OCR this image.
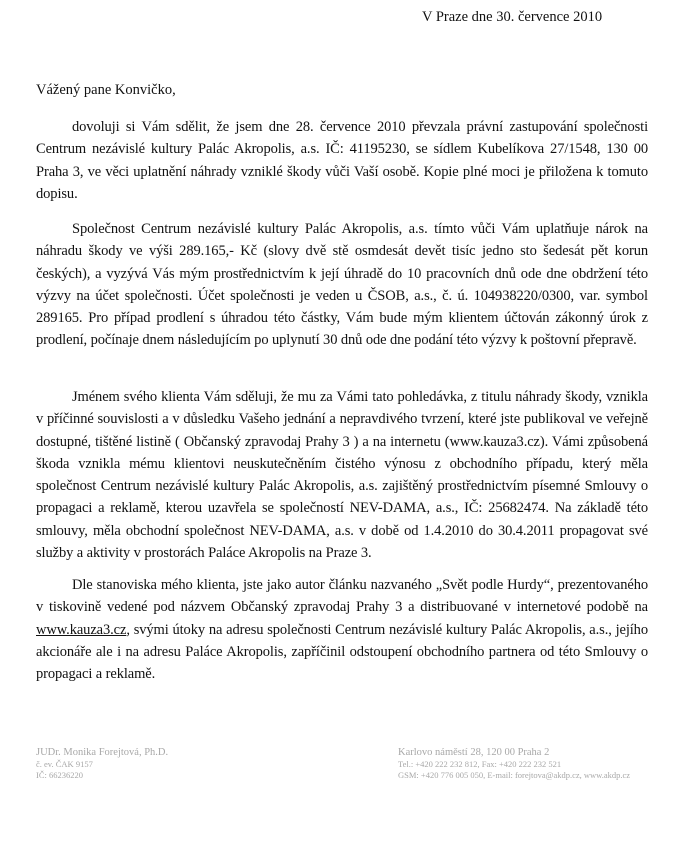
V Praze dne 30. července 2010
Vážený pane Konvičko,

dovoluji si Vám sdělit, že jsem dne 28. července 2010 převzala právní zastupování společnosti Centrum nezávislé kultury Palác Akropolis, a.s. IČ: 41195230, se sídlem Kubelíkova 27/1548, 130 00 Praha 3, ve věci uplatnění náhrady vzniklé škody vůči Vaší osobě. Kopie plné moci je přiložena k tomuto dopisu.

Společnost Centrum nezávislé kultury Palác Akropolis, a.s. tímto vůči Vám uplatňuje nárok na náhradu škody ve výši 289.165,- Kč (slovy dvě stě osmdesát devět tisíc jedno sto šedesát pět korun českých), a vyzývá Vás mým prostřednictvím k její úhradě do 10 pracovních dnů ode dne obdržení této výzvy na účet společnosti. Účet společnosti je veden u ČSOB, a.s., č. ú. 104938220/0300, var. symbol 289165. Pro případ prodlení s úhradou této částky, Vám bude mým klientem účtován zákonný úrok z prodlení, počínaje dnem následujícím po uplynutí 30 dnů ode dne podání této výzvy k poštovní přepravě.

Jménem svého klienta Vám sděluji, že mu za Vámi tato pohledávka, z titulu náhrady škody, vznikla v příčinné souvislosti a v důsledku Vašeho jednání a nepravdivého tvrzení, které jste publikoval ve veřejně dostupné, tištěné listině ( Občanský zpravodaj Prahy 3 ) a na internetu (www.kauza3.cz). Vámi způsobená škoda vznikla mému klientovi neuskutečněním čistého výnosu z obchodního případu, který měla společnost Centrum nezávislé kultury Palác Akropolis, a.s. zajištěný prostřednictvím písemné Smlouvy o propagaci a reklamě, kterou uzavřela se společností NEV-DAMA, a.s., IČ: 25682474. Na základě této smlouvy, měla obchodní společnost NEV-DAMA, a.s. v době od 1.4.2010 do 30.4.2011 propagovat své služby a aktivity v prostorách Paláce Akropolis na Praze 3.

Dle stanoviska mého klienta, jste jako autor článku nazvaného „Svět podle Hurdy“, prezentovaného v tiskovině vedené pod názvem Občanský zpravodaj Prahy 3 a distribuované v internetové podobě na www.kauza3.cz, svými útoky na adresu společnosti Centrum nezávislé kultury Palác Akropolis, a.s., jejího akcionáře ale i na adresu Paláce Akropolis, zapříčinil odstoupení obchodního partnera od této Smlouvy o propagaci a reklamě.

JUDr. Monika Forejtová, Ph.D.
č. ev. ČAK 9157
IČ: 66236220
Karlovo náměstí 28, 120 00 Praha 2
Tel.: +420 222 232 812, Fax: +420 222 232 521
GSM: +420 776 005 050, E-mail: forejtova@akdp.cz, www.akdp.cz
